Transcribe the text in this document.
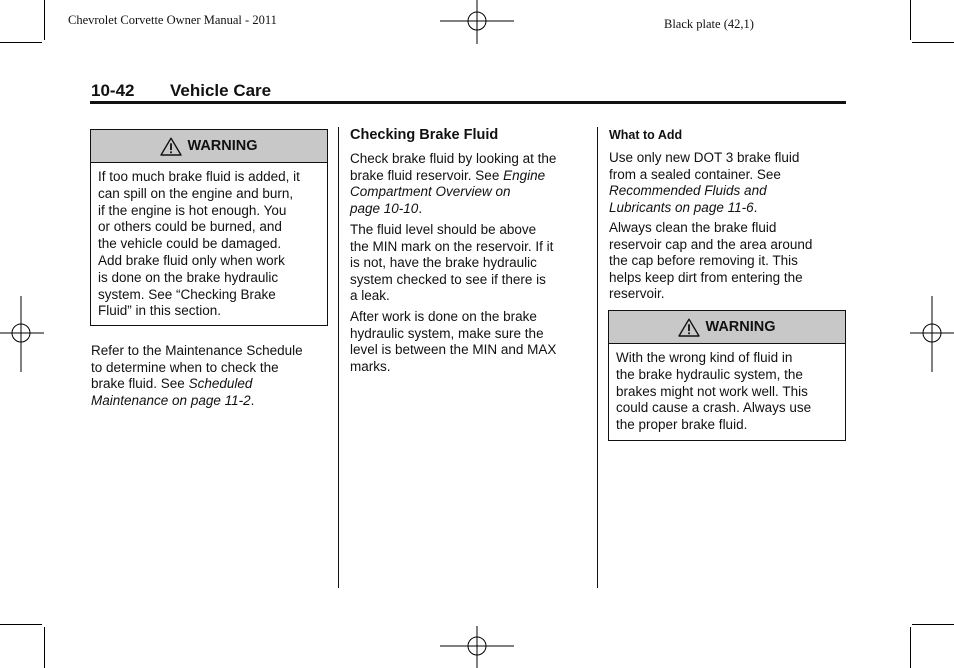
Chevrolet Corvette Owner Manual - 2011	Black plate (42,1)
10-42 Vehicle Care
WARNING
If too much brake fluid is added, it
can spill on the engine and burn,
if the engine is hot enough. You
or others could be burned, and
the vehicle could be damaged.
Add brake fluid only when work
is done on the brake hydraulic
system. See “Checking Brake
Fluid” in this section.
Refer to the Maintenance Schedule
to determine when to check the
brake fluid. See Scheduled
Maintenance on page 11-2.
Checking Brake Fluid
Check brake fluid by looking at the
brake fluid reservoir. See Engine
Compartment Overview on
page 10-10.
The fluid level should be above
the MIN mark on the reservoir. If it
is not, have the brake hydraulic
system checked to see if there is
a leak.
After work is done on the brake
hydraulic system, make sure the
level is between the MIN and MAX
marks.
What to Add
Use only new DOT 3 brake fluid
from a sealed container. See
Recommended Fluids and
Lubricants on page 11-6.
Always clean the brake fluid
reservoir cap and the area around
the cap before removing it. This
helps keep dirt from entering the
reservoir.
WARNING
With the wrong kind of fluid in
the brake hydraulic system, the
brakes might not work well. This
could cause a crash. Always use
the proper brake fluid.
